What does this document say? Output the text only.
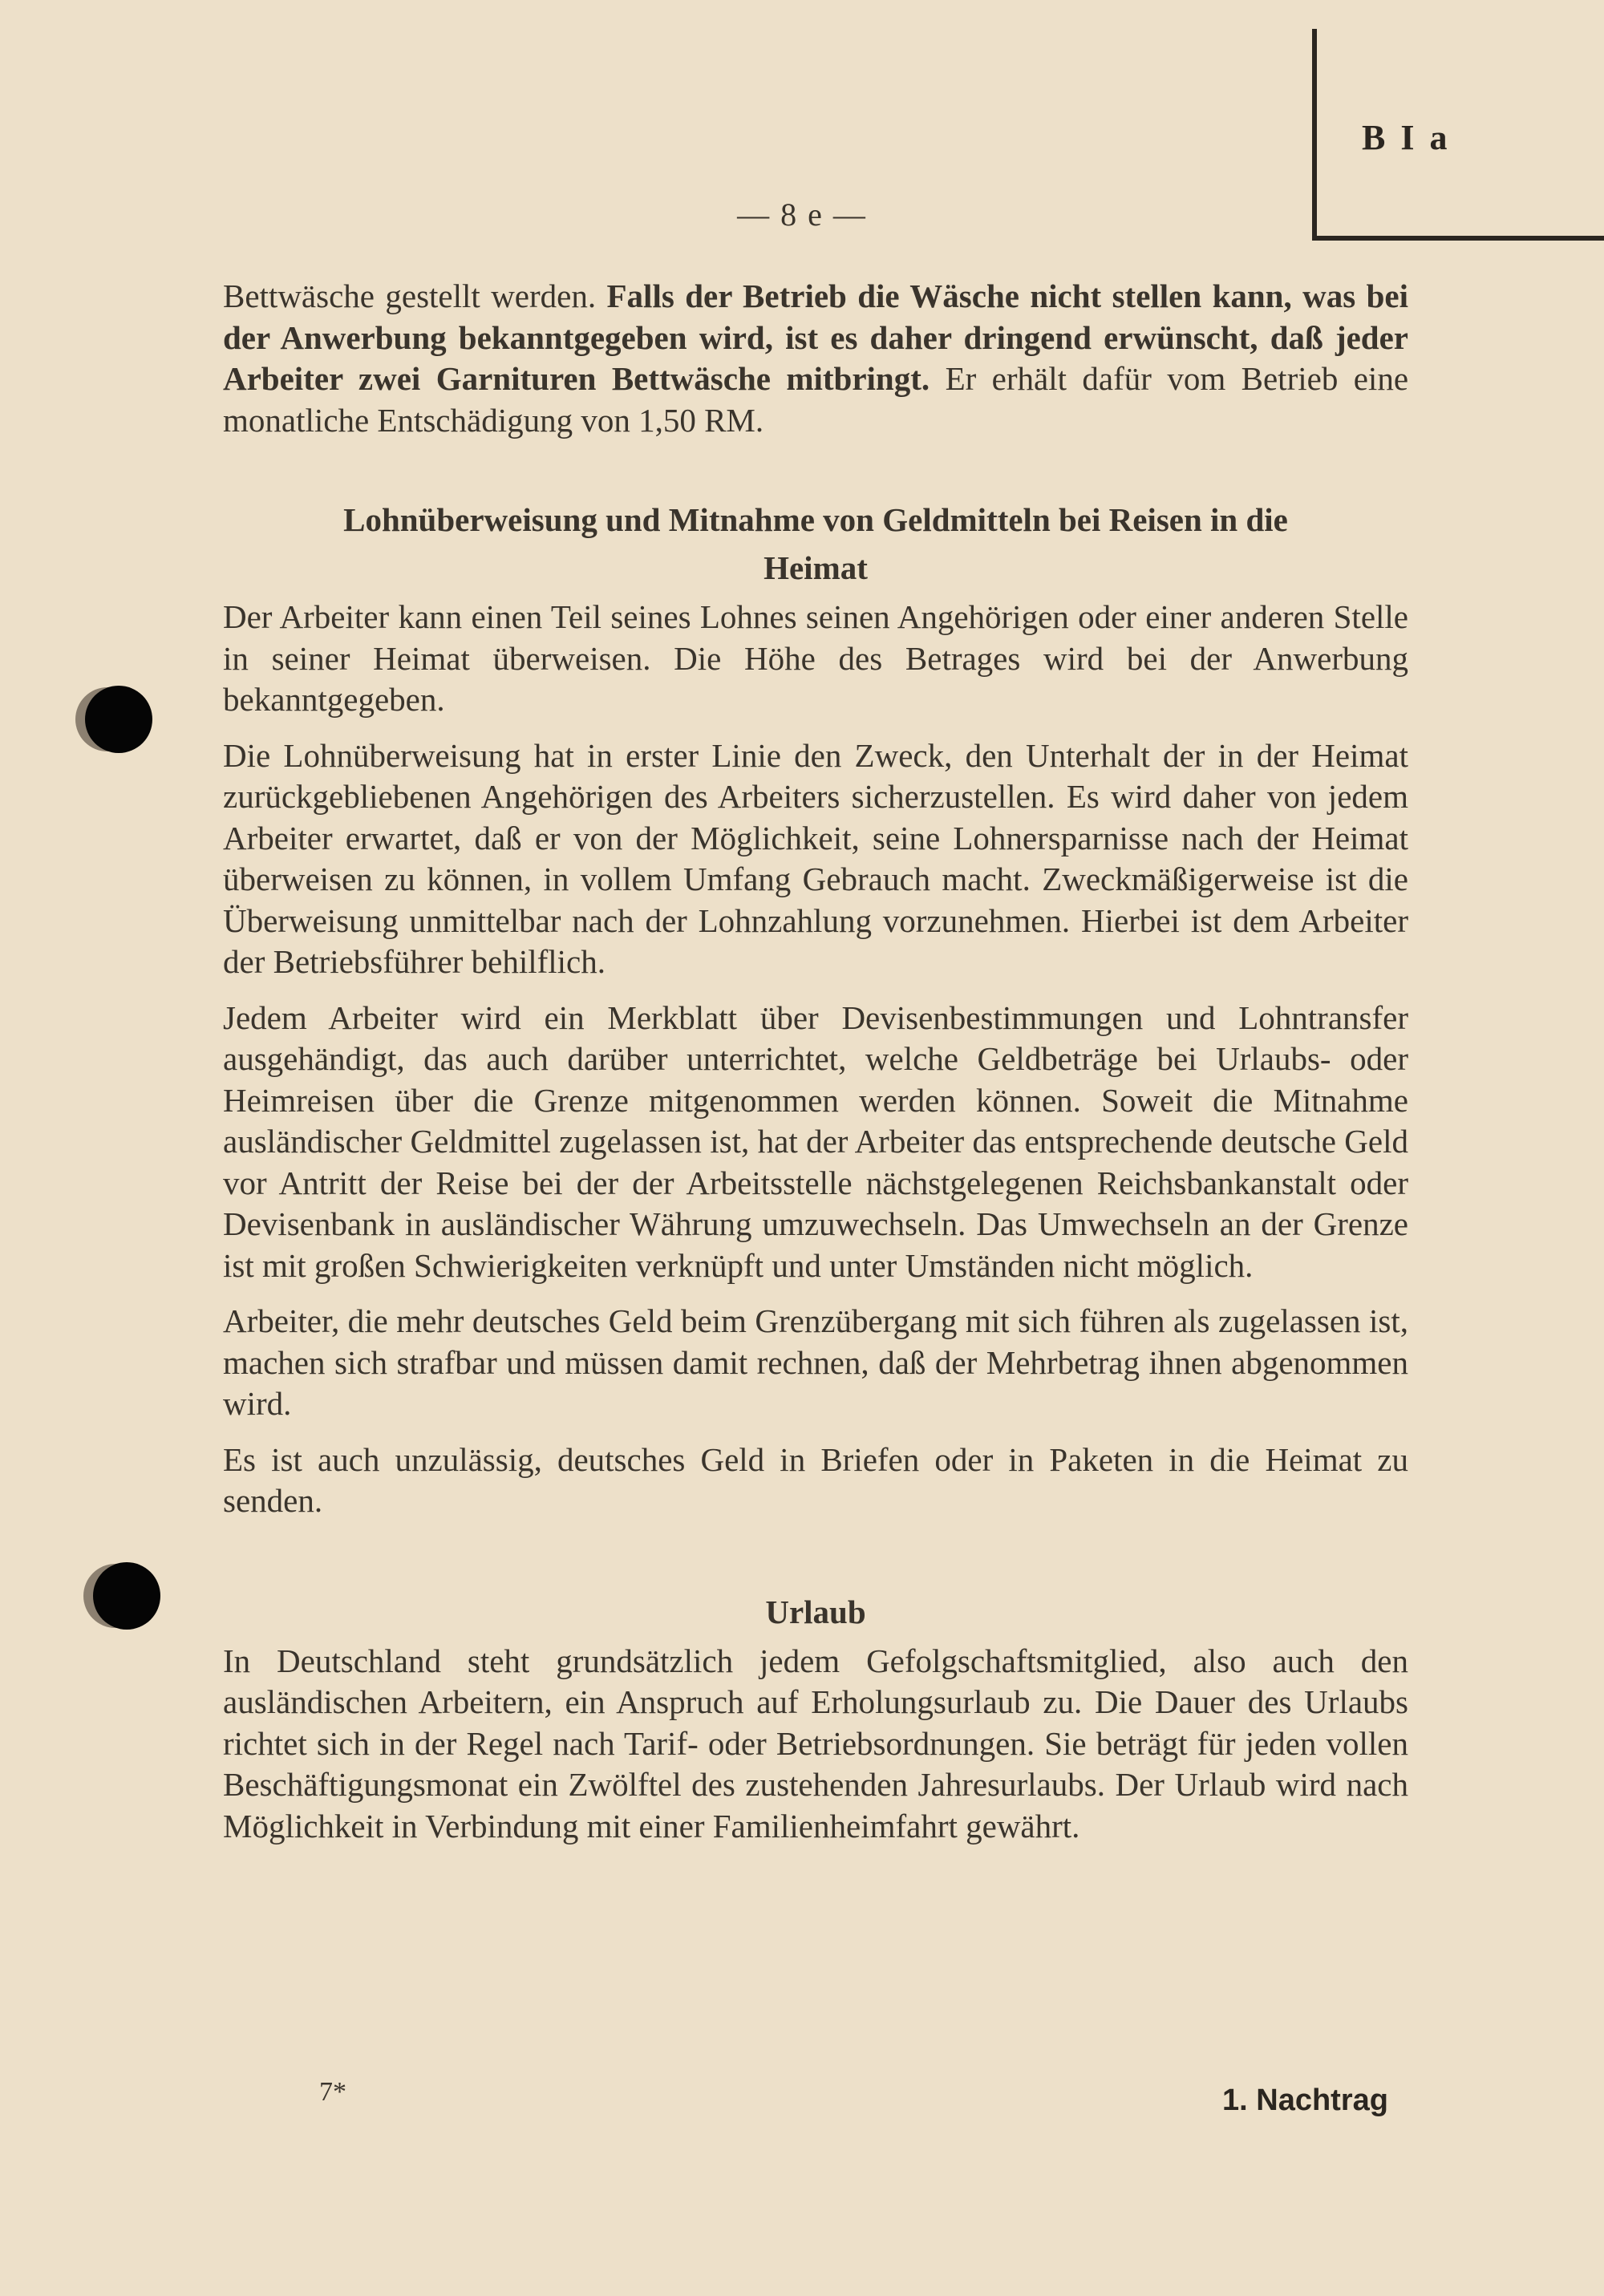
B I a
— 8 e —

Bettwäsche gestellt werden. Falls der Betrieb die Wäsche nicht stellen kann, was bei der Anwerbung bekanntgegeben wird, ist es daher dringend erwünscht, daß jeder Arbeiter zwei Garnituren Bettwäsche mitbringt. Er erhält dafür vom Betrieb eine monatliche Entschädigung von 1,50 RM.

Lohnüberweisung und Mitnahme von Geldmitteln bei Reisen in die
Heimat

Der Arbeiter kann einen Teil seines Lohnes seinen Angehörigen oder einer anderen Stelle in seiner Heimat überweisen. Die Höhe des Betrages wird bei der Anwerbung bekanntgegeben.

Die Lohnüberweisung hat in erster Linie den Zweck, den Unterhalt der in der Heimat zurückgebliebenen Angehörigen des Arbeiters sicherzustellen. Es wird daher von jedem Arbeiter erwartet, daß er von der Möglichkeit, seine Lohnersparnisse nach der Heimat überweisen zu können, in vollem Umfang Gebrauch macht. Zweckmäßigerweise ist die Überweisung unmittelbar nach der Lohnzahlung vorzunehmen. Hierbei ist dem Arbeiter der Betriebsführer behilflich.

Jedem Arbeiter wird ein Merkblatt über Devisenbestimmungen und Lohntransfer ausgehändigt, das auch darüber unterrichtet, welche Geldbeträge bei Urlaubs- oder Heimreisen über die Grenze mitgenommen werden können. Soweit die Mitnahme ausländischer Geldmittel zugelassen ist, hat der Arbeiter das entsprechende deutsche Geld vor Antritt der Reise bei der der Arbeitsstelle nächstgelegenen Reichsbankanstalt oder Devisenbank in ausländischer Währung umzuwechseln. Das Umwechseln an der Grenze ist mit großen Schwierigkeiten verknüpft und unter Umständen nicht möglich.

Arbeiter, die mehr deutsches Geld beim Grenzübergang mit sich führen als zugelassen ist, machen sich strafbar und müssen damit rechnen, daß der Mehrbetrag ihnen abgenommen wird.

Es ist auch unzulässig, deutsches Geld in Briefen oder in Paketen in die Heimat zu senden.

Urlaub

In Deutschland steht grundsätzlich jedem Gefolgschaftsmitglied, also auch den ausländischen Arbeitern, ein Anspruch auf Erholungsurlaub zu. Die Dauer des Urlaubs richtet sich in der Regel nach Tarif- oder Betriebsordnungen. Sie beträgt für jeden vollen Beschäftigungsmonat ein Zwölftel des zustehenden Jahresurlaubs. Der Urlaub wird nach Möglichkeit in Verbindung mit einer Familienheimfahrt gewährt.

7*	1. Nachtrag
